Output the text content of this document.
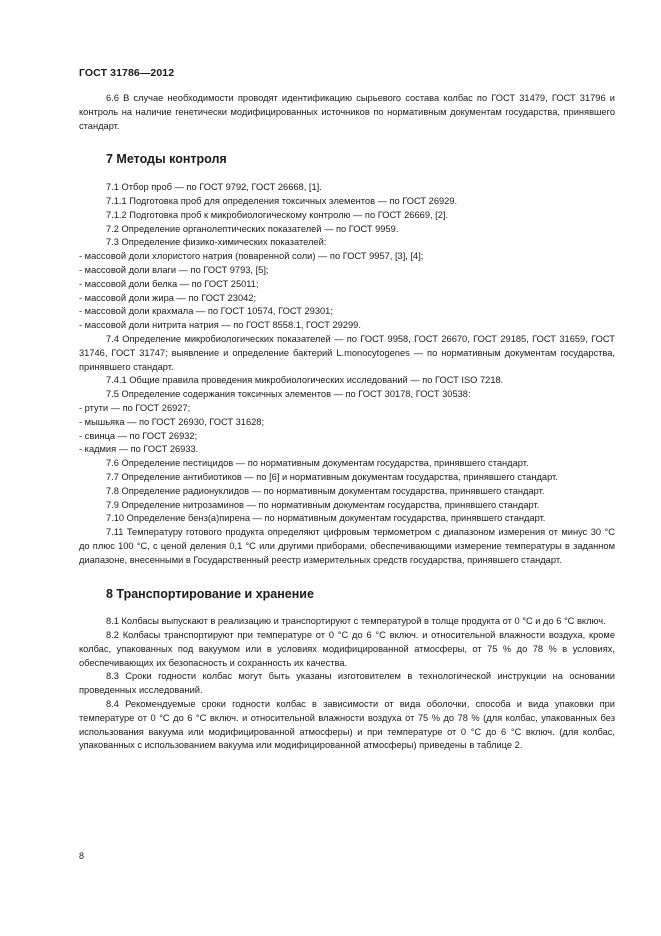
ГОСТ 31786—2012
6.6 В случае необходимости проводят идентификацию сырьевого состава колбас по ГОСТ 31479, ГОСТ 31796 и контроль на наличие генетически модифицированных источников по нормативным документам государства, принявшего стандарт.
7 Методы контроля
7.1 Отбор проб — по ГОСТ 9792, ГОСТ 26668, [1].
7.1.1 Подготовка проб для определения токсичных элементов — по ГОСТ 26929.
7.1.2 Подготовка проб к микробиологическому контролю — по ГОСТ 26669, [2].
7.2 Определение органолептических показателей — по ГОСТ 9959.
7.3 Определение физико-химических показателей:
- массовой доли хлористого натрия (поваренной соли) — по ГОСТ 9957, [3], [4];
- массовой доли влаги — по ГОСТ 9793, [5];
- массовой доли белка — по ГОСТ 25011;
- массовой доли жира — по ГОСТ 23042;
- массовой доли крахмала — по ГОСТ 10574, ГОСТ 29301;
- массовой доли нитрита натрия — по ГОСТ 8558.1, ГОСТ 29299.
7.4 Определение микробиологических показателей — по ГОСТ 9958, ГОСТ 26670, ГОСТ 29185, ГОСТ 31659, ГОСТ 31746, ГОСТ 31747; выявление и определение бактерий L.monocytogenes — по нормативным документам государства, принявшего стандарт.
7.4.1 Общие правила проведения микробиологических исследований — по ГОСТ ISO 7218.
7.5 Определение содержания токсичных элементов — по ГОСТ 30178, ГОСТ 30538:
- ртути — по ГОСТ 26927;
- мышьяка — по ГОСТ 26930, ГОСТ 31628;
- свинца — по ГОСТ 26932;
- кадмия — по ГОСТ 26933.
7.6 Определение пестицидов — по нормативным документам государства, принявшего стандарт.
7.7 Определение антибиотиков — по [6] и нормативным документам государства, принявшего стандарт.
7.8 Определение радионуклидов — по нормативным документам государства, принявшего стандарт.
7.9 Определение нитрозаминов — по нормативным документам государства, принявшего стандарт.
7.10 Определение бенз(а)пирена — по нормативным документам государства, принявшего стандарт.
7.11 Температуру готового продукта определяют цифровым термометром с диапазоном измерения от минус 30 °С до плюс 100 °С, с ценой деления 0,1 °С или другими приборами, обеспечивающими измерение температуры в заданном диапазоне, внесенными в Государственный реестр измерительных средств государства, принявшего стандарт.
8 Транспортирование и хранение
8.1 Колбасы выпускают в реализацию и транспортируют с температурой в толще продукта от 0 °С и до 6 °С включ.
8.2 Колбасы транспортируют при температуре от 0 °С до 6 °С включ. и относительной влажности воздуха, кроме колбас, упакованных под вакуумом или в условиях модифицированной атмосферы, от 75 % до 78 % в условиях, обеспечивающих их безопасность и сохранность их качества.
8.3 Сроки годности колбас могут быть указаны изготовителем в технологической инструкции на основании проведенных исследований.
8.4 Рекомендуемые сроки годности колбас в зависимости от вида оболочки, способа и вида упаковки при температуре от 0 °С до 6 °С включ. и относительной влажности воздуха от 75 % до 78 % (для колбас, упакованных без использования вакуума или модифицированной атмосферы) и при температуре от 0 °С до 6 °С включ. (для колбас, упакованных с использованием вакуума или модифицированной атмосферы) приведены в таблице 2.
8
